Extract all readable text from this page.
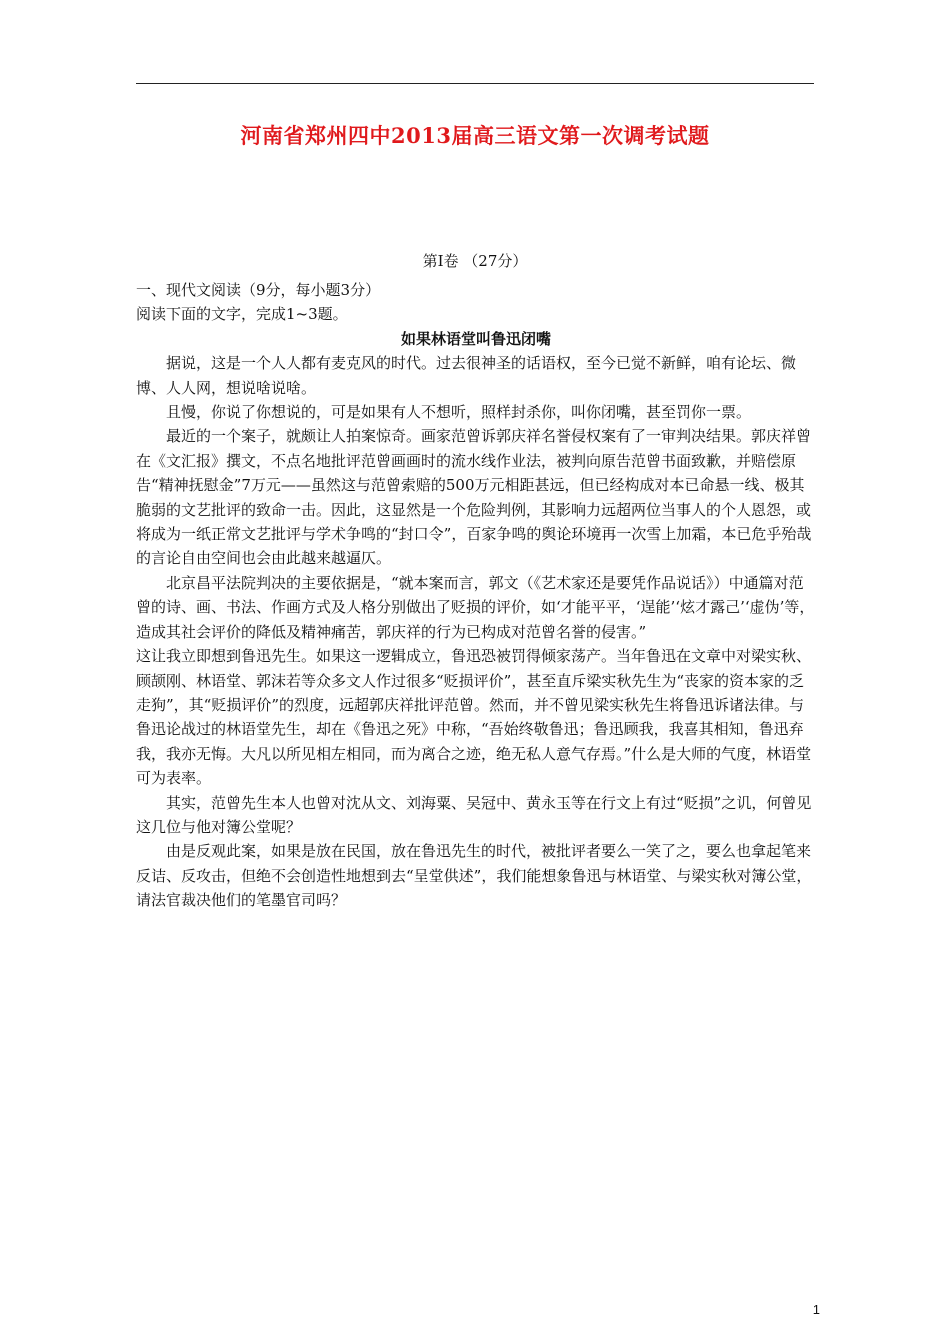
河南省郑州四中2013届高三语文第一次调考试题
第Ⅰ卷 （27分）

一、现代文阅读（9分，每小题3分）

阅读下面的文字，完成1~3题。

如果林语堂叫鲁迅闭嘴

据说，这是一个人人都有麦克风的时代。过去很神圣的话语权，至今已觉不新鲜，咱有论坛、微博、人人网，想说啥说啥。

且慢，你说了你想说的，可是如果有人不想听，照样封杀你，叫你闭嘴，甚至罚你一票。

最近的一个案子，就颇让人拍案惊奇。画家范曾诉郭庆祥名誉侵权案有了一审判决结果。郭庆祥曾在《文汇报》撰文，不点名地批评范曾画画时的流水线作业法，被判向原告范曾书面致歉，并赔偿原告“精神抚慰金”7万元——虽然这与范曾索赔的500万元相距甚远，但已经构成对本已命悬一线、极其脆弱的文艺批评的致命一击。因此，这显然是一个危险判例，其影响力远超两位当事人的个人恩怨，或将成为一纸正常文艺批评与学术争鸣的“封口令”，百家争鸣的舆论环境再一次雪上加霜，本已危乎殆哉的言论自由空间也会由此越来越逼仄。

北京昌平法院判决的主要依据是，“就本案而言，郭文（《艺术家还是要凭作品说话》）中通篇对范曾的诗、画、书法、作画方式及人格分别做出了贬损的评价，如‘才能平平，‘逞能’‘炫才露己’‘虚伪’等，造成其社会评价的降低及精神痛苦，郭庆祥的行为已构成对范曾名誉的侵害。”

这让我立即想到鲁迅先生。如果这一逻辑成立，鲁迅恐被罚得倾家荡产。当年鲁迅在文章中对梁实秋、顾颉刚、林语堂、郭沫若等众多文人作过很多“贬损评价”，甚至直斥梁实秋先生为“丧家的资本家的乏走狗”，其“贬损评价”的烈度，远超郭庆祥批评范曾。然而，并不曾见梁实秋先生将鲁迅诉诸法律。与鲁迅论战过的林语堂先生，却在《鲁迅之死》中称，“吾始终敬鲁迅；鲁迅顾我，我喜其相知，鲁迅弃我，我亦无悔。大凡以所见相左相同，而为离合之迹，绝无私人意气存焉。”什么是大师的气度，林语堂可为表率。

其实，范曾先生本人也曾对沈从文、刘海粟、吴冠中、黄永玉等在行文上有过“贬损”之讥，何曾见这几位与他对簿公堂呢？

由是反观此案，如果是放在民国，放在鲁迅先生的时代，被批评者要么一笑了之，要么也拿起笔来反诘、反攻击，但绝不会创造性地想到去“呈堂供述”，我们能想象鲁迅与林语堂、与梁实秋对簿公堂，请法官裁决他们的笔墨官司吗？

1
